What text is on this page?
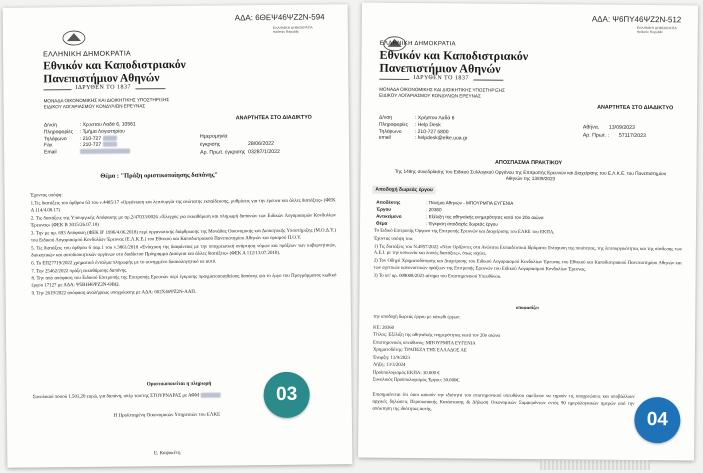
ΑΔΑ: 6ΘΕΨ46ΨΖ2Ν-594
ΕΛΛΗΝΙΚΗ ΔΗΜΟΚΡΑΤΙΑ
Hellenic Republic
ΕΛΛΗΝΙΚΗ ΔΗΜΟΚΡΑΤΙΑ
Εθνικόν και Καποδιστριακόν
Πανεπιστήμιον Αθηνών
ΙΔΡΥΘΕΝ ΤΟ 1837
ΜΟΝΑΔΑ ΟΙΚΟΝΟΜΙΚΗΣ ΚΑΙ ΔΙΟΙΚΗΤΙΚΗΣ ΥΠΟΣΤΗΡΙΞΗΣ
ΕΙΔΙΚΟΥ ΛΟΓΑΡΙΑΣΜΟΥ ΚΟΝΔΥΛΙΩΝ ΕΡΕΥΝΑΣ
ΑΝΑΡΤΗΤΕΑ ΣΤΟ ΔΙΑΔΙΚΤΥΟ
Δ/νση	: Χρ;ιστου Λαδά 6, 10561
Πληροφορίες : Τμήμα Λογιστηρίου
Τηλέφωνο	: 210-727
Fax	: 210-727
Email
Ημερομηνία έγκρισης	28/06/2022
Αρ. Πρωτ. έγκρισης 03287/1/2022
Θέμα : "Πράξη οριστικοποίησης δαπάνης"

Έχοντας υπόψη:

1.Τις διατάξεις του άρθρου 63 του ν.4485/17 «Οργάνωση και λειτουργία της ανώτατης εκπαίδευσης, ρυθμίσεις για την έρευνα και άλλες διατάξεις» (ΦΕΚ Α 114/4.08.17)

2. Τις διατάξεις της Υπουργικής Απόφασης με αρ.2/47033/0026 «Έλεγχος για εκκαθάριση και πληρωμή δαπανών των Ειδικών Λογαριασμών Κονδυλίων Έρευνας» (ΦΕΚ Β 3015/26.07.18)

3. Την με αρ. 693 Απόφαση (ΦΕΚ Β' 1996/4.06.2018) περί οργανωτικής διάρθρωσης της Μονάδας Οικονομικής και Διοικητικής Υποστήριξης (Μ.Ο.Δ.Υ.) του Ειδικού Λογαριασμού Κονδυλίων Έρευνας (Ε.Λ.Κ.Ε.) του Εθνικού και Καποδιστριακού Πανεπιστημίου Αθηνών και ορισμού Π.Ο.Υ.

5. Τις διατάξεις του άρθρου 6 παρ.1 του ν.3861/2010 «Ενίσχυση της διαφάνειας με την υποχρεωτική ανάρτηση νόμων και πράξεων των κυβερνητικών, διοικητικών και αυτοδιοικητικών οργάνων στο διαδίκτυο Πρόγραμμα Διαύγεια και άλλες διατάξεις» (ΦΕΚ Α 112/13.07.2010).

6. Το ΕΠ27719/2022 χρηματικό ένταλμα πληρωμής με το συνημμένο δικαιολογητικό σε αυτό.

7. Την 25462/2022 πράξη εκκαθάρισης δαπάνης.

8. Την από απόφαση του Ειδικού Επιτροπής της Επιτροπής Ερευνών περί έγκρισης πραγματοποιηθείσας δαπάνης για το έργο του Προγράμματος κωδικό έργου 17127 με ΑΔΑ: Ψ5ΒΗ46ΨΖ2Ν-ΘΒΩ.

9. Την 2619/2022 απόφαση αναλήψεως υποχρέωσης με ΑΔΑ: 602Χ46ΨΖ2Ν-ΑΑΠ.

Οριστικοποιείται η πληρωμή
Συνολικού ποσού 1.501,20 ευρώ, για δαπάνη, υπέρ του/της ΣΤΟΥΡΝΑΡΑΣ με ΑΦΜ
Η Προϊσταμένη Οικονομικών Υπηρεσιών του ΕΛΚΕ
Ε. Καψοκέτη
03
ΑΔΑ: Ψ6ΠΥ46ΨΖ2Ν-512
ΕΛΛΗΝΙΚΗ ΔΗΜΟΚΡΑΤΙΑ
Hellenic Republic
ΕΛΛΗΝΙΚΗ ΔΗΜΟΚΡΑΤΙΑ
Εθνικόν και Καποδιστριακόν
Πανεπιστήμιον Αθηνών
ΙΔΡΥΘΕΝ ΤΟ 1837
ΜΟΝΑΔΑ ΟΙΚΟΝΟΜΙΚΗΣ ΚΑΙ ΔΙΟΙΚΗΤΙΚΗΣ ΥΠΟΣΤΗΡΙΞΗΣ
ΕΙΔΙΚΟΥ ΛΟΓΑΡΙΑΣΜΟΥ ΚΟΝΔΥΛΙΩΝ ΕΡΕΥΝΑΣ
ΑΝΑΡΤΗΤΕΑ ΣΤΟ ΔΙΑΔΙΚΤΥΟ
Δ/νση	: Χρήστου Λαδά 6
Πληροφορίες : Help Desk
Τηλέφωνο	: 210-727 5800
email	: helpdesk@elke.uoa.gr
Αθήνα, 13/09/2023
Αρ. Πρωτ. : 57117/2023
ΑΠΟΣΠΑΣΜΑ ΠΡΑΚΤΙΚΟΥ
Της 148ης συνεδρίασης του Ειδικού Συλλογικού Οργάνου της Επιτροπής Ερευνών και Διαχείρισης του Ε.Λ.Κ.Ε. του Πανεπιστημίου Αθηνών της 13/09/2023
Αποδοχή δωρεάς έργου
Αποδέκτης	: Παν/μιο Αθηνών - ΜΠΟΥΡΜΠΑ ΕΥΓΕΝΙΑ
Έργου	: 20360
Αντικείμενο	: Εξέλιξη της αθηναϊκής ενημερότητας κατά τον 20ο αιώνα
Θέμα	: Έγκριση αποδοχής δωρεάς έργου

Το Ειδικό Επιτροπής Όργανο της Επιτροπής Ερευνών και Διαχείρισης του ΕΛΚΕ του ΕΚΠΑ,

Έχοντας υπόψη του:

1) Τις διατάξεις του Ν.4957/2022 «Νέοι Ορίζοντες στα Ανώτατα Εκπαιδευτικά Ιδρύματα: Ενίσχυση της ποιότητας, της λειτουργικότητας και της σύνδεσης των Α.Ε.Ι. με την κοινωνία και λοιπές διατάξεις», όπως ισχύει,

2) Τον Οδηγό Χρηματοδότησης και Διαχείρισης του Ειδικού Λογαριασμού Κονδυλίων Έρευνας του Εθνικού και Καποδιστριακού Πανεπιστημίου Αθηνών και των σχετικών κανονιστικών πράξεων της Επιτροπής Ερευνών του Ειδικού Λογαριασμού Κονδυλίων Έρευνας.

3) Το υπ' αρ. 008008/2023 αίτημα του Επιστημονικού Υπευθύνου.

αποφασίζει
την αποδοχή δωρεάς έργου με κάτωθι έργων:
ΚΕ: 20360
Τίτλος: Εξέλιξη της αθηναϊκής ενημερότητας κατά τον 20ο αιώνα
Επιστημονικός υπεύθυνος: ΜΠΟΥΡΜΠΑ ΕΥΓΕΝΙΑ
Χρηματοδότης: ΤΡΑΠΕΖΑ ΤΗΣ ΕΛΛΑΔΟΣ ΑΕ
Έναρξη: 13/9/2023
Λήξη: 13/3/2024
Προϋπολογισμός ΕΚΠΑ: 30.000 €
Συνολικός Προϋπολογισμός Έργου: 30.000€.
Επισημαίνεται ότι όσοι ασκούν την ιδιότητα του επιστημονικού υπευθύνου οφείλουν να τηρούν τις υποχρεώσεις και υποβάλλουν αρχικές δηλώσεις Περιουσιακής Κατάστασης & Δήλωση Οικονομικών Συμφερόντων εντός 90 ημερολογιακών ημερών από την απόκτηση της ιδιότητας αυτής.
04
